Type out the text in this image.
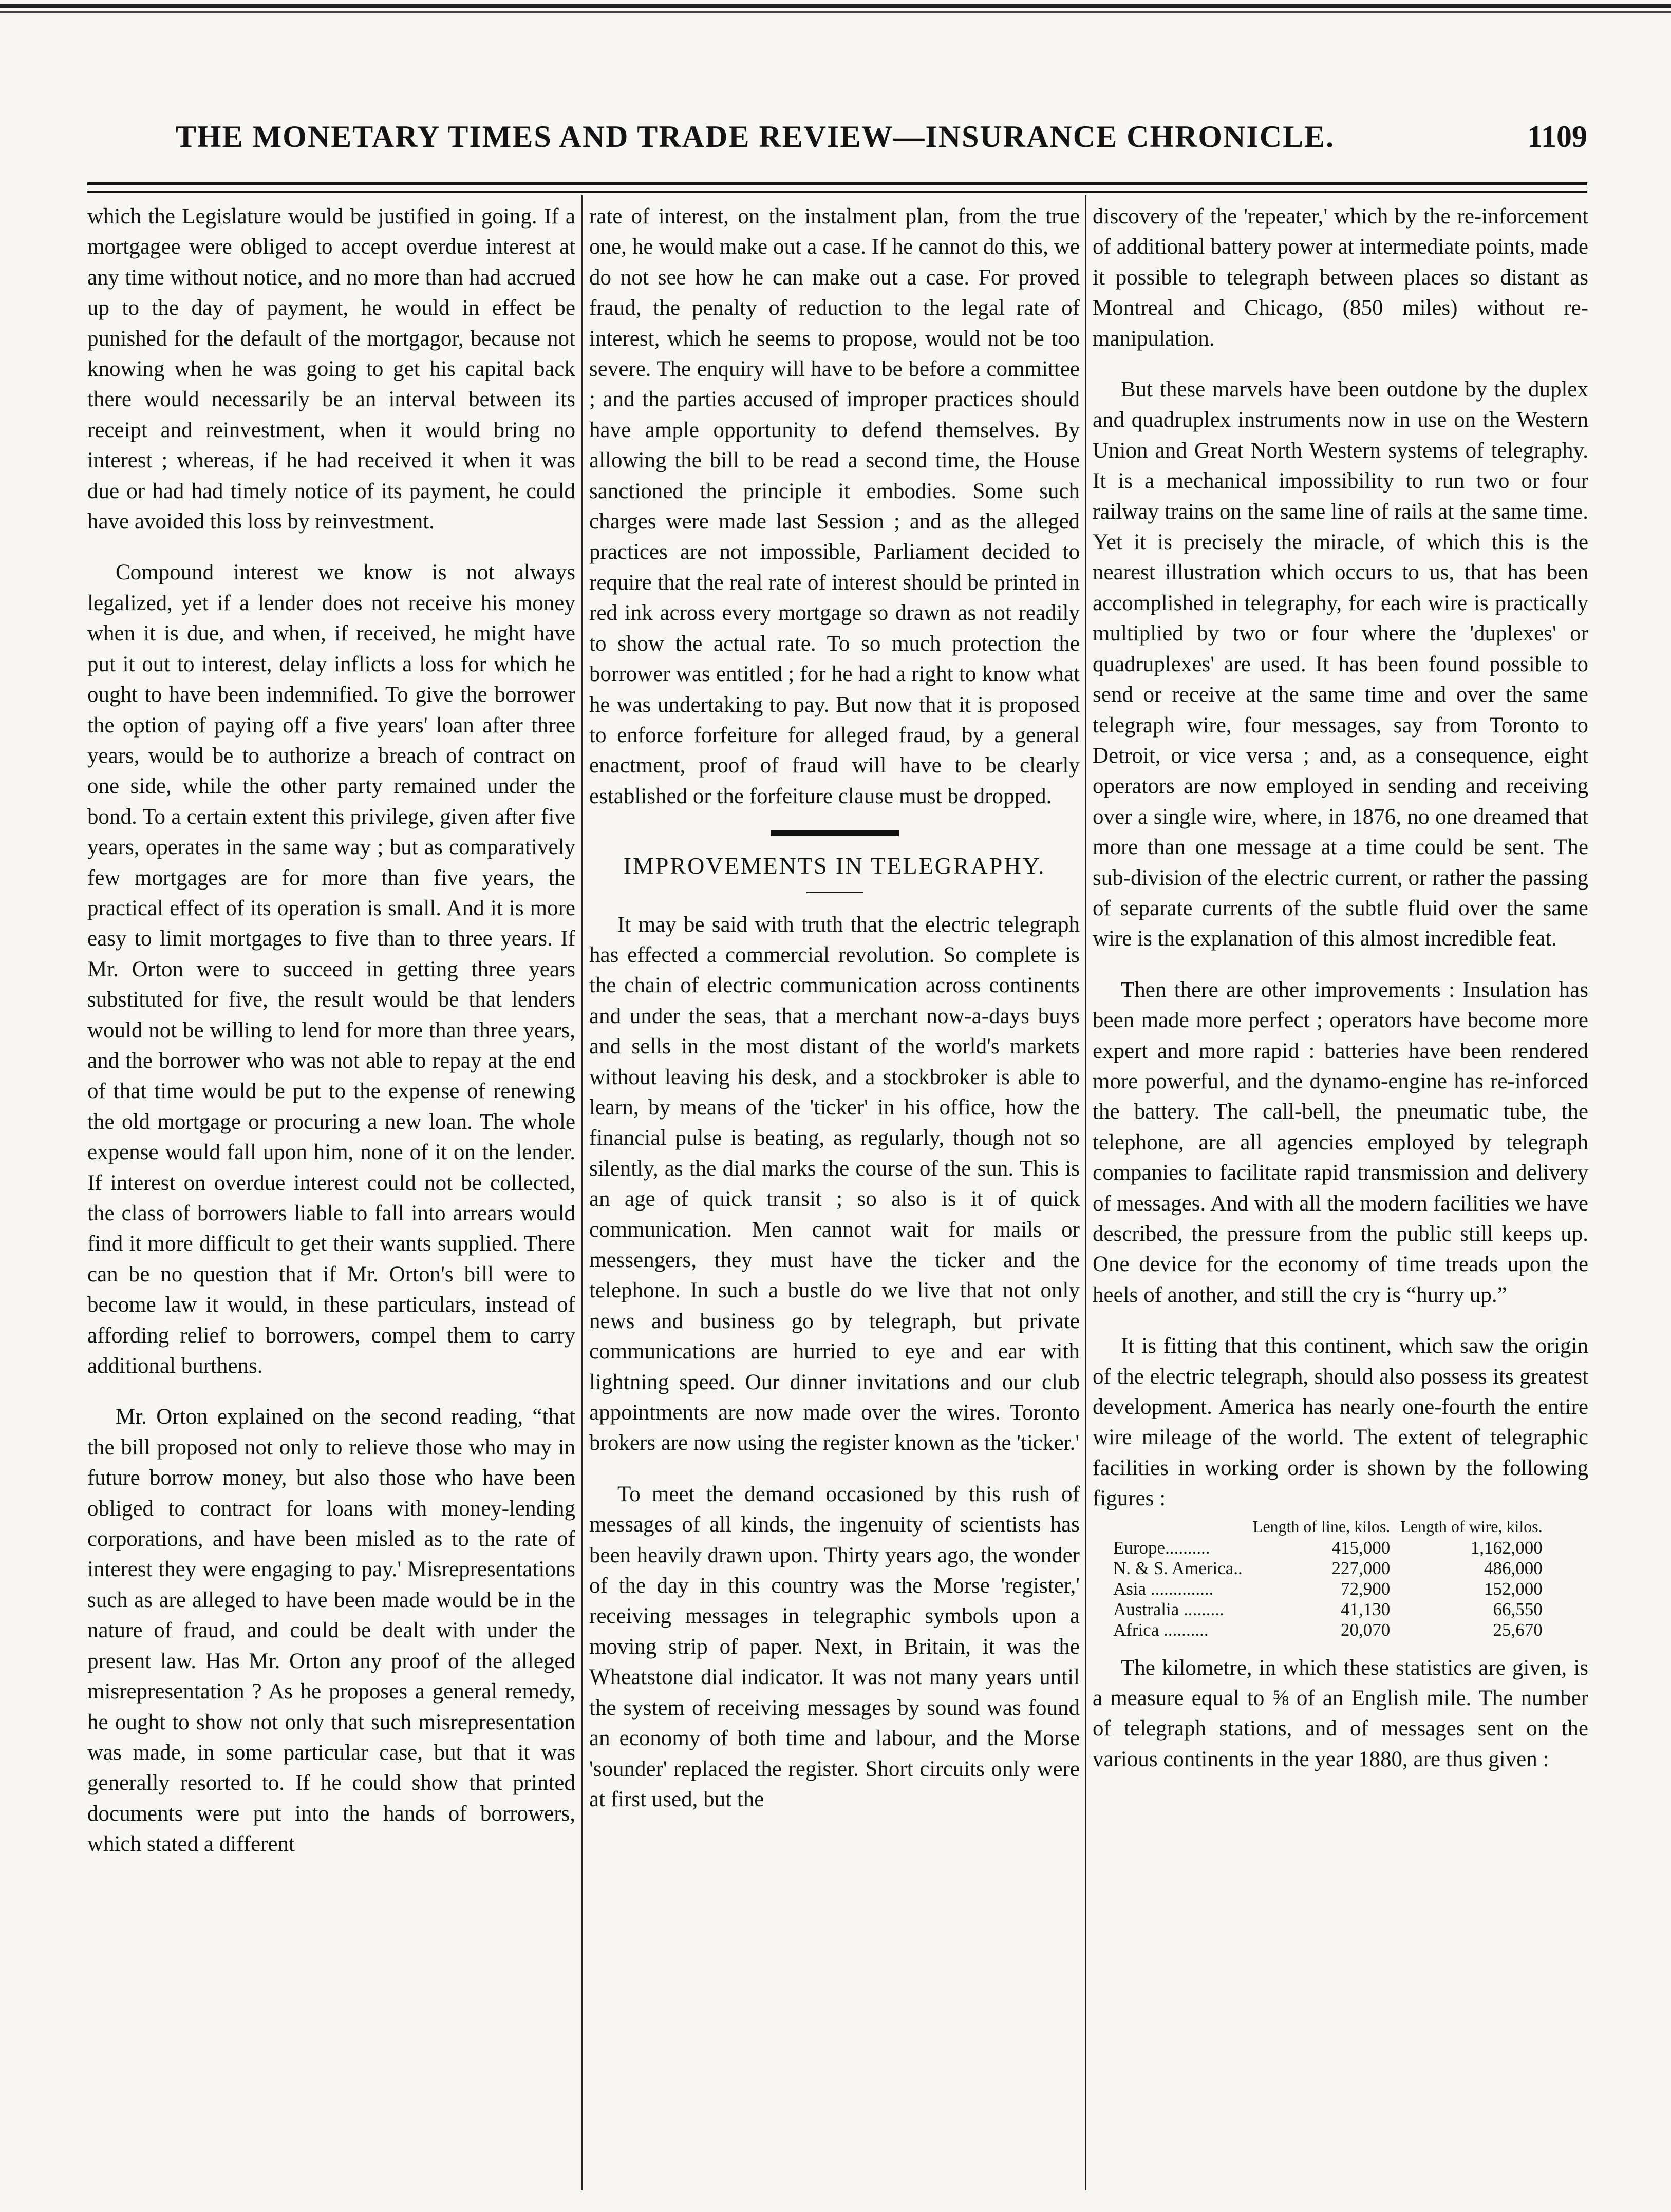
THE MONETARY TIMES AND TRADE REVIEW—INSURANCE CHRONICLE.	1109

which the Legislature would be justified in going. If a mortgagee were obliged to accept overdue interest at any time without notice, and no more than had accrued up to the day of payment, he would in effect be punished for the default of the mortgagor, because not knowing when he was going to get his capital back there would necessarily be an interval between its receipt and reinvestment, when it would bring no interest ; whereas, if he had received it when it was due or had had timely notice of its payment, he could have avoided this loss by reinvestment.

Compound interest we know is not always legalized, yet if a lender does not receive his money when it is due, and when, if received, he might have put it out to interest, delay inflicts a loss for which he ought to have been indemnified. To give the borrower the option of paying off a five years' loan after three years, would be to authorize a breach of contract on one side, while the other party remained under the bond. To a certain extent this privilege, given after five years, operates in the same way ; but as comparatively few mortgages are for more than five years, the practical effect of its operation is small. And it is more easy to limit mortgages to five than to three years. If Mr. Orton were to succeed in getting three years substituted for five, the result would be that lenders would not be willing to lend for more than three years, and the borrower who was not able to repay at the end of that time would be put to the expense of renewing the old mortgage or procuring a new loan. The whole expense would fall upon him, none of it on the lender. If interest on overdue interest could not be collected, the class of borrowers liable to fall into arrears would find it more difficult to get their wants supplied. There can be no question that if Mr. Orton's bill were to become law it would, in these particulars, instead of affording relief to borrowers, compel them to carry additional burthens.

Mr. Orton explained on the second reading, “that the bill proposed not only to relieve those who may in future borrow money, but also those who have been obliged to contract for loans with money-lending corporations, and have been misled as to the rate of interest they were engaging to pay.' Misrepresentations such as are alleged to have been made would be in the nature of fraud, and could be dealt with under the present law. Has Mr. Orton any proof of the alleged misrepresentation ? As he proposes a general remedy, he ought to show not only that such misrepresentation was made, in some particular case, but that it was generally resorted to. If he could show that printed documents were put into the hands of borrowers, which stated a different

rate of interest, on the instalment plan, from the true one, he would make out a case. If he cannot do this, we do not see how he can make out a case. For proved fraud, the penalty of reduction to the legal rate of interest, which he seems to propose, would not be too severe. The enquiry will have to be before a committee ; and the parties accused of improper practices should have ample opportunity to defend themselves. By allowing the bill to be read a second time, the House sanctioned the principle it embodies. Some such charges were made last Session ; and as the alleged practices are not impossible, Parliament decided to require that the real rate of interest should be printed in red ink across every mortgage so drawn as not readily to show the actual rate. To so much protection the borrower was entitled ; for he had a right to know what he was undertaking to pay. But now that it is proposed to enforce forfeiture for alleged fraud, by a general enactment, proof of fraud will have to be clearly established or the forfeiture clause must be dropped.

IMPROVEMENTS IN TELEGRAPHY.

It may be said with truth that the electric telegraph has effected a commercial revolution. So complete is the chain of electric communication across continents and under the seas, that a merchant now-a-days buys and sells in the most distant of the world's markets without leaving his desk, and a stockbroker is able to learn, by means of the 'ticker' in his office, how the financial pulse is beating, as regularly, though not so silently, as the dial marks the course of the sun. This is an age of quick transit ; so also is it of quick communication. Men cannot wait for mails or messengers, they must have the ticker and the telephone. In such a bustle do we live that not only news and business go by telegraph, but private communications are hurried to eye and ear with lightning speed. Our dinner invitations and our club appointments are now made over the wires. Toronto brokers are now using the register known as the 'ticker.'

To meet the demand occasioned by this rush of messages of all kinds, the ingenuity of scientists has been heavily drawn upon. Thirty years ago, the wonder of the day in this country was the Morse 'register,' receiving messages in telegraphic symbols upon a moving strip of paper. Next, in Britain, it was the Wheatstone dial indicator. It was not many years until the system of receiving messages by sound was found an economy of both time and labour, and the Morse 'sounder' replaced the register. Short circuits only were at first used, but the

discovery of the 'repeater,' which by the re-inforcement of additional battery power at intermediate points, made it possible to telegraph between places so distant as Montreal and Chicago, (850 miles) without re-manipulation.

But these marvels have been outdone by the duplex and quadruplex instruments now in use on the Western Union and Great North Western systems of telegraphy. It is a mechanical impossibility to run two or four railway trains on the same line of rails at the same time. Yet it is precisely the miracle, of which this is the nearest illustration which occurs to us, that has been accomplished in telegraphy, for each wire is practically multiplied by two or four where the 'duplexes' or quadruplexes' are used. It has been found possible to send or receive at the same time and over the same telegraph wire, four messages, say from Toronto to Detroit, or vice versa ; and, as a consequence, eight operators are now employed in sending and receiving over a single wire, where, in 1876, no one dreamed that more than one message at a time could be sent. The sub-division of the electric current, or rather the passing of separate currents of the subtle fluid over the same wire is the explanation of this almost incredible feat.

Then there are other improvements : Insulation has been made more perfect ; operators have become more expert and more rapid : batteries have been rendered more powerful, and the dynamo-engine has re-inforced the battery. The call-bell, the pneumatic tube, the telephone, are all agencies employed by telegraph companies to facilitate rapid transmission and delivery of messages. And with all the modern facilities we have described, the pressure from the public still keeps up. One device for the economy of time treads upon the heels of another, and still the cry is “hurry up.”

It is fitting that this continent, which saw the origin of the electric telegraph, should also possess its greatest development. America has nearly one-fourth the entire wire mileage of the world. The extent of telegraphic facilities in working order is shown by the following figures :

	Length of line, kilos.	Length of wire, kilos.
Europe..........	415,000	1,162,000
N. & S. America..	227,000	486,000
Asia ..............	72,900	152,000
Australia .........	41,130	66,550
Africa ..........	20,070	25,670

The kilometre, in which these statistics are given, is a measure equal to ⅝ of an English mile. The number of telegraph stations, and of messages sent on the various continents in the year 1880, are thus given :
